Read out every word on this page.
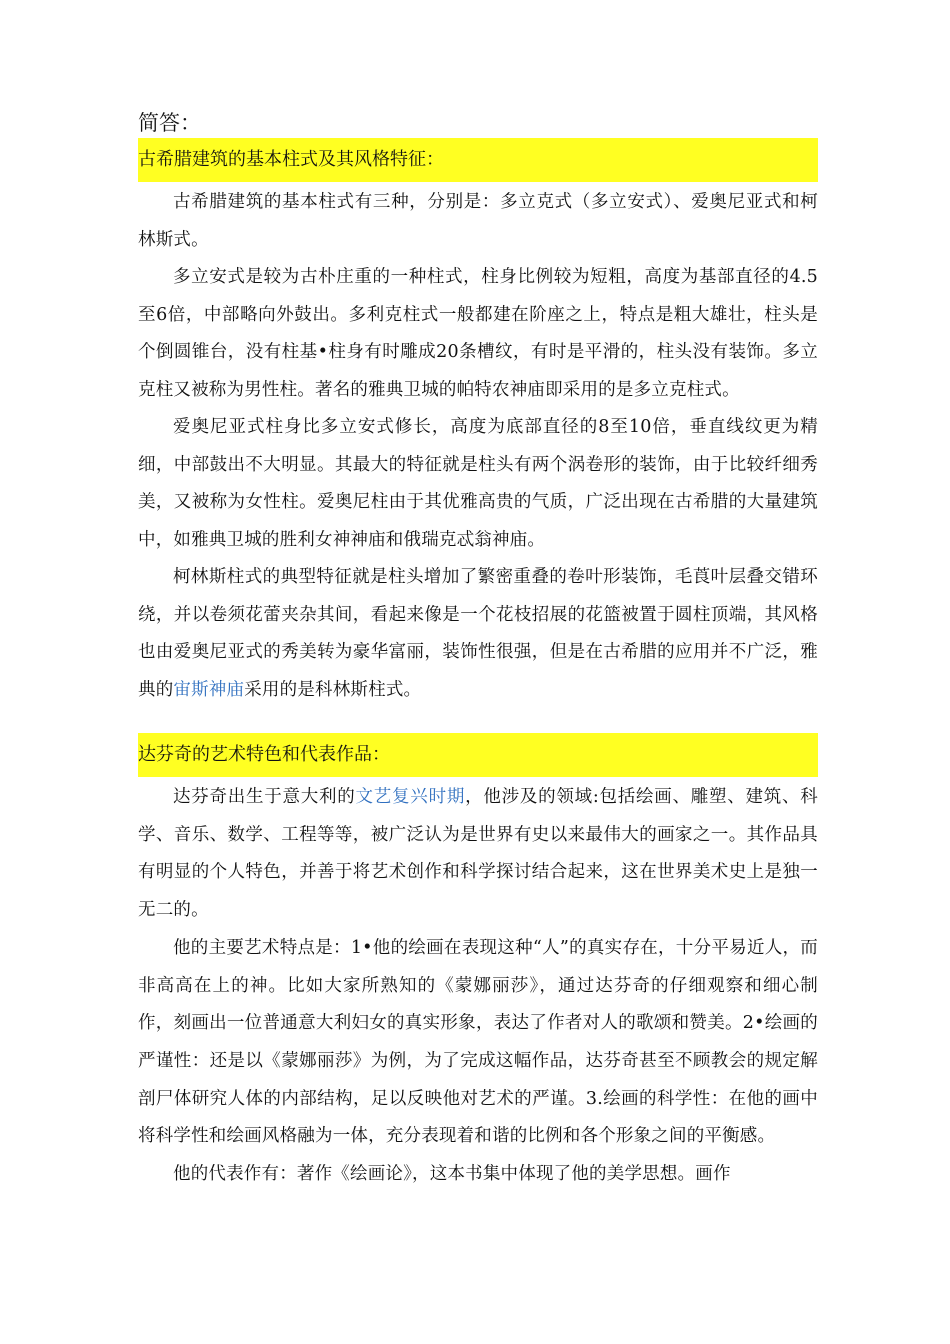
简答：
古希腊建筑的基本柱式及其风格特征：

古希腊建筑的基本柱式有三种，分别是：多立克式（多立安式）、爱奥尼亚式和柯林斯式。

多立安式是较为古朴庄重的一种柱式，柱身比例较为短粗，高度为基部直径的4.5至6倍，中部略向外鼓出。多利克柱式一般都建在阶座之上，特点是粗大雄壮，柱头是个倒圆锥台，没有柱基•柱身有时雕成20条槽纹，有时是平滑的，柱头没有装饰。多立克柱又被称为男性柱。著名的雅典卫城的帕特农神庙即采用的是多立克柱式。

爱奥尼亚式柱身比多立安式修长，高度为底部直径的8至10倍，垂直线纹更为精细，中部鼓出不大明显。其最大的特征就是柱头有两个涡卷形的装饰，由于比较纤细秀美，又被称为女性柱。爱奥尼柱由于其优雅高贵的气质，广泛出现在古希腊的大量建筑中，如雅典卫城的胜利女神神庙和俄瑞克忒翁神庙。

柯林斯柱式的典型特征就是柱头增加了繁密重叠的卷叶形装饰，毛莨叶层叠交错环绕，并以卷须花蕾夹杂其间，看起来像是一个花枝招展的花篮被置于圆柱顶端，其风格也由爱奥尼亚式的秀美转为豪华富丽，装饰性很强，但是在古希腊的应用并不广泛，雅典的宙斯神庙采用的是科林斯柱式。

达芬奇的艺术特色和代表作品：

达芬奇出生于意大利的文艺复兴时期，他涉及的领域:包括绘画、雕塑、建筑、科学、音乐、数学、工程等等，被广泛认为是世界有史以来最伟大的画家之一。其作品具有明显的个人特色，并善于将艺术创作和科学探讨结合起来，这在世界美术史上是独一无二的。

他的主要艺术特点是：1•他的绘画在表现这种“人”的真实存在，十分平易近人，而非高高在上的神。比如大家所熟知的《蒙娜丽莎》，通过达芬奇的仔细观察和细心制作，刻画出一位普通意大利妇女的真实形象，表达了作者对人的歌颂和赞美。2•绘画的严谨性：还是以《蒙娜丽莎》为例，为了完成这幅作品，达芬奇甚至不顾教会的规定解剖尸体研究人体的内部结构，足以反映他对艺术的严谨。3.绘画的科学性：在他的画中将科学性和绘画风格融为一体，充分表现着和谐的比例和各个形象之间的平衡感。

他的代表作有：著作《绘画论》，这本书集中体现了他的美学思想。画作
